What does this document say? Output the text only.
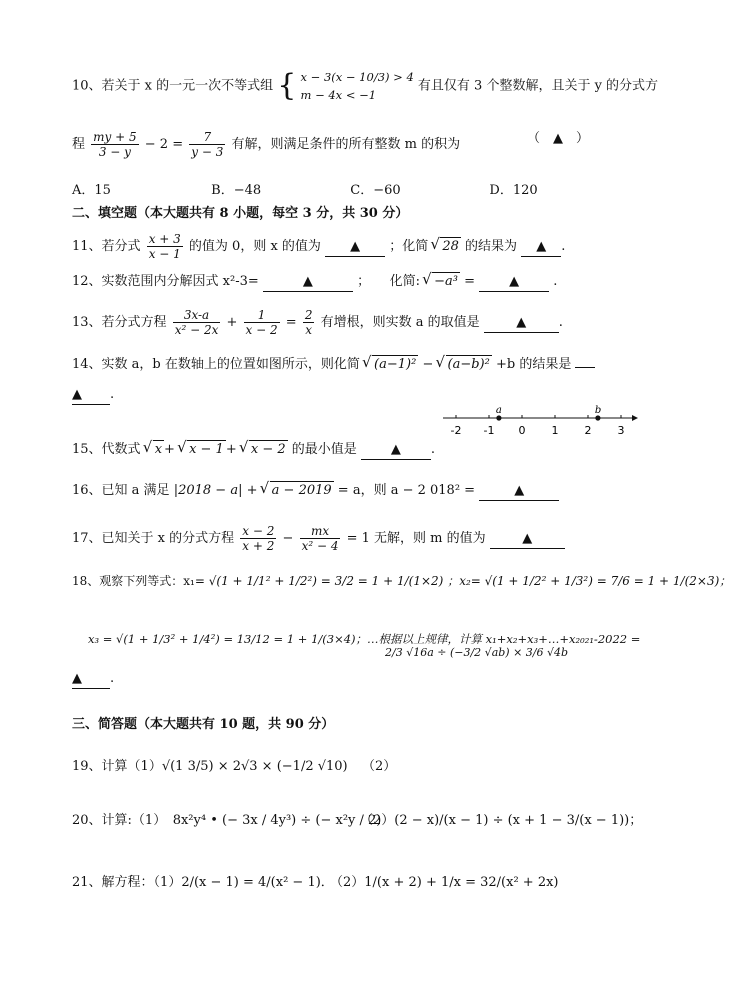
10、若关于 x 的一元一次不等式组 { x − 3(x − 10/3) > 4
m − 4x < −1 有且仅有 3 个整数解，且关于 y 的分式方
程 $\frac{my + 5}{3 - y} - 2 = \frac{7}{y - 3}$ 有解，则满足条件的所有整数 m 的积为	（　▲　）
A．15	B．−48	C．−60	D．120
二、填空题（本大题共有 8 小题，每空 3 分，共 30 分）
11、若分式 $\frac{x + 3}{x - 1}$ 的值为 0，则 x 的值为 ▲ ；化简 √ 28 的结果为 ▲ .
12、实数范围内分解因式 x²-3=	▲	；　　化简: √ −a³ =	▲	.
13、若分式方程 $\frac{3x-a}{\text{x² − 2x}} + \frac{1}{x - 2} = \frac{2}{x}$ 有增根，则实数 a 的取值是	▲	.
14、实数 a，b 在数轴上的位置如图所示，则化简 √ (a−1)² − √ (a−b)² +b 的结果是
▲ .
-2 -1 0 1 2 3
a	b
15、代数式 √ x + √ x − 1 + √ x − 2 的最小值是	▲ .
16、已知 a 满足 |2018 − a| + √ a − 2019 = a，则 a − 2 018² =	▲
17、已知关于 x 的分式方程 $\frac{x - 2}{x + 2} - \frac{mx}{\text{x² − 4}} = 1$ 无解，则 m 的值为	▲
18、观察下列等式：x₁= √(1 + 1/1² + 1/2²) = 3/2 = 1 + 1/(1×2) ；x₂= √(1 + 1/2² + 1/3²) = 7/6 = 1 + 1/(2×3)；
x₃ = √(1 + 1/3² + 1/4²) = 13/12 = 1 + 1/(3×4)；…根据以上规律，计算 x₁+x₂+x₃+…+x₂₀₂₁-2022 =
2/3 √16a ÷ (−3/2 √ab) × 3/6 √4b
▲ .
三、简答题（本大题共有 10 题，共 90 分）
19、计算（1）√(1 3/5) × 2√3 × (−1/2 √10) （2）
20、计算:（1）　8x²y⁴ • (− 3x / 4y³) ÷ (− x²y / 2)
（2）(2 − x)/(x − 1) ÷ (x + 1 − 3/(x − 1))；
21、解方程：（1）2/(x − 1) = 4/(x² − 1)．
（2）1/(x + 2) + 1/x = 32/(x² + 2x)
